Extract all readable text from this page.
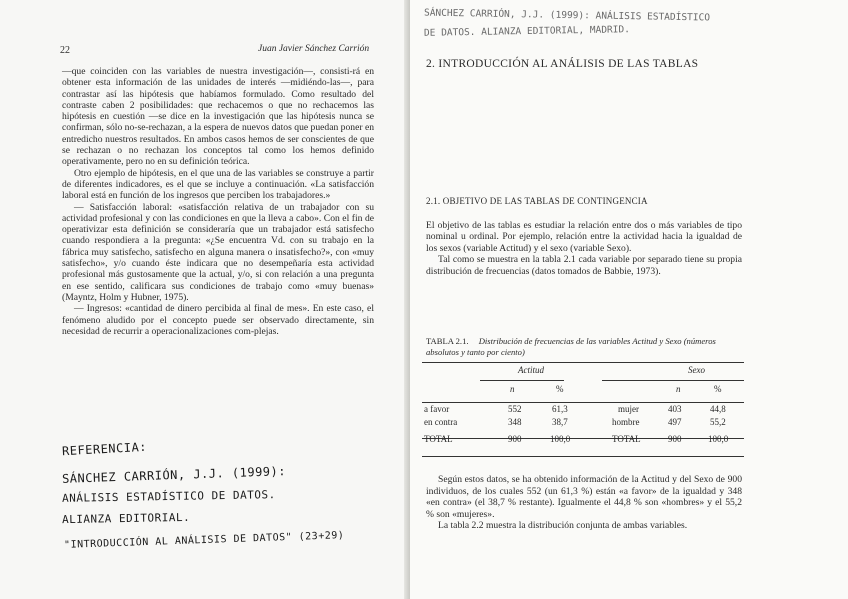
22	Juan Javier Sánchez Carrión

—que coinciden con las variables de nuestra investigación—, consisti-rá en obtener esta información de las unidades de interés —midiéndo-las—, para contrastar así las hipótesis que habíamos formulado. Como resultado del contraste caben 2 posibilidades: que rechacemos o que no rechacemos las hipótesis en cuestión —se dice en la investigación que las hipótesis nunca se confirman, sólo no-se-rechazan, a la espera de nuevos datos que puedan poner en entredicho nuestros resultados. En ambos casos hemos de ser conscientes de que se rechazan o no rechazan los conceptos tal como los hemos definido operativamente, pero no en su definición teórica.

Otro ejemplo de hipótesis, en el que una de las variables se construye a partir de diferentes indicadores, es el que se incluye a continuación. «La satisfacción laboral está en función de los ingresos que perciben los trabajadores.»

— Satisfacción laboral: «satisfacción relativa de un trabajador con su actividad profesional y con las condiciones en que la lleva a cabo». Con el fin de operativizar esta definición se consideraría que un trabajador está satisfecho cuando respondiera a la pregunta: «¿Se encuentra Vd. con su trabajo en la fábrica muy satisfecho, satisfecho en alguna manera o insatisfecho?», con «muy satisfecho», y/o cuando éste indicara que no desempeñaría esta actividad profesional más gustosamente que la actual, y/o, si con relación a una pregunta en ese sentido, calificara sus condiciones de trabajo como «muy buenas» (Mayntz, Holm y Hubner, 1975).

— Ingresos: «cantidad de dinero percibida al final de mes». En este caso, el fenómeno aludido por el concepto puede ser observado directamente, sin necesidad de recurrir a operacionalizaciones com-plejas.

REFERENCIA:
SÁNCHEZ CARRIÓN, J.J. (1999):
ANÁLISIS ESTADÍSTICO DE DATOS.
ALIANZA EDITORIAL.
"INTRODUCCIÓN AL ANÁLISIS DE DATOS" (23+29)
SÁNCHEZ CARRIÓN, J.J. (1999): ANÁLISIS ESTADÍSTICO
DE DATOS. ALIANZA EDITORIAL, MADRID.
2. INTRODUCCIÓN AL ANÁLISIS DE LAS TABLAS
2.1. OBJETIVO DE LAS TABLAS DE CONTINGENCIA

El objetivo de las tablas es estudiar la relación entre dos o más variables de tipo nominal u ordinal. Por ejemplo, relación entre la actividad hacia la igualdad de los sexos (variable Actitud) y el sexo (variable Sexo).

Tal como se muestra en la tabla 2.1 cada variable por separado tiene su propia distribución de frecuencias (datos tomados de Babbie, 1973).

TABLA 2.1. Distribución de frecuencias de las variables Actitud y Sexo (números absolutos y tanto por ciento)
Actitud	Sexo
n	%	n	%
a favor	552	61,3	mujer	403	44,8
en contra	348	38,7	hombre	497	55,2
TOTAL	900	100,0	TOTAL	900	100,0

Según estos datos, se ha obtenido información de la Actitud y del Sexo de 900 individuos, de los cuales 552 (un 61,3 %) están «a favor» de la igualdad y 348 «en contra» (el 38,7 % restante). Igualmente el 44,8 % son «hombres» y el 55,2 % son «mujeres».

La tabla 2.2 muestra la distribución conjunta de ambas variables.
